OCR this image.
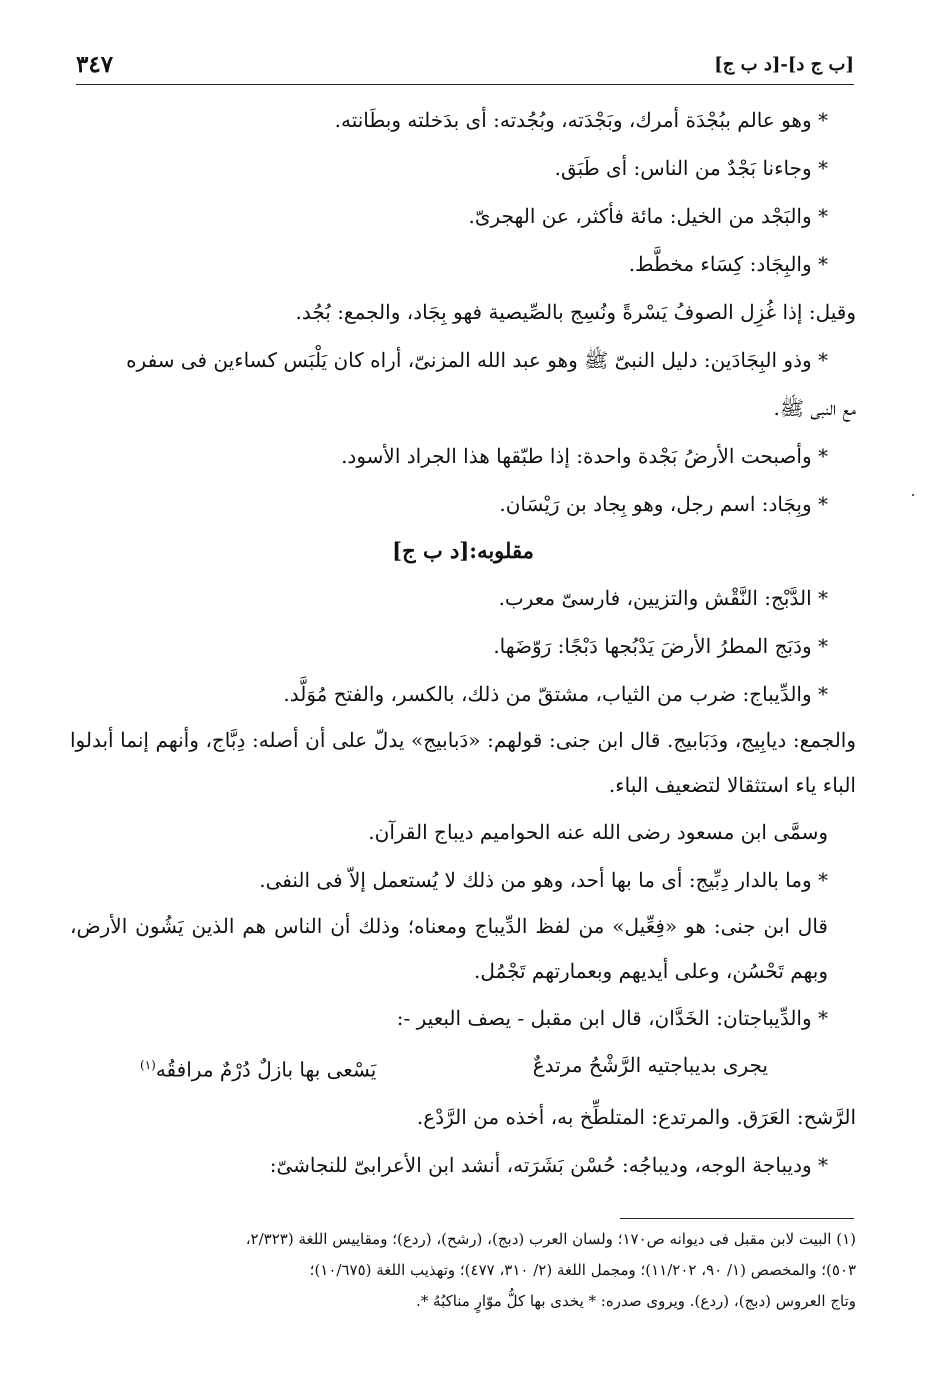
٣٤٧	[ب ج د]-[د ب ج]

* وهو عالم ببُجْدَة أمرك، وبَجْدَته، وبُجُدته: أى بدَخلته وبطَانته.

* وجاءنا بَجْدٌ من الناس: أى طَبَق.

* والبَجْد من الخيل: مائة فأكثر، عن الهجرىّ.

* والبِجَاد: كِسَاء مخطَّط.

وقيل: إذا غُزِل الصوفُ يَسْرةً ونُسِج بالصِّيصية فهو بِجَاد، والجمع: بُجُد.

* وذو البِجَادَين: دليل النبىّ ﷺ وهو عبد الله المزنىّ، أراه كان يَلْبَس كساءين فى سفره

مع النبى ﷺ.

* وأصبحت الأرضُ بَجْدة واحدة: إذا طبّقها هذا الجراد الأسود.

* وبِجَاد: اسم رجل، وهو بِجاد بن رَيْسَان.

مقلوبه:[د ب ج]

* الدَّبْج: النَّقْش والتزيين، فارسىّ معرب.

* ودَبَج المطرُ الأرضَ يَدْبُجها دَبْجًا: رَوّضَها.

* والدِّيباج: ضرب من الثياب، مشتقّ من ذلك، بالكسر، والفتح مُوَلَّد.

والجمع: ديابِيج، ودَبَابيج. قال ابن جنى: قولهم: «دَبابيج» يدلّ على أن أصله: دِبَّاج، وأنهم إنما أبدلوا الباء ياء استثقالا لتضعيف الباء.

وسمَّى ابن مسعود رضى الله عنه الحواميم ديباج القرآن.

* وما بالدار دِبِّيج: أى ما بها أحد، وهو من ذلك لا يُستعمل إلاّ فى النفى.

قال ابن جنى: هو «فِعِّيل» من لفظ الدِّيباج ومعناه؛ وذلك أن الناس هم الذين يَشُون الأرض، وبهم تَحْسُن، وعلى أيديهم وبعمارتهم تَجْمُل.

* والدِّيباجتان: الخَدَّان، قال ابن مقبل - يصف البعير -:

يجرى بديباجتيه الرَّشْحُ مرتدعٌ
يَسْعى بها بازلٌ دُرْمٌ مرافقُه$^{(١)}$

الرَّشح: العَرَق. والمرتدع: المتلطِّخ به، أخذه من الرَّدْع.

* وديباجة الوجه، وديباجُه: حُسْن بَشَرَته، أنشد ابن الأعرابىّ للنجاشىّ:

(١) البيت لابن مقبل فى ديوانه ص١٧٠؛ ولسان العرب (دبج)، (رشح)، (ردع)؛ ومقاييس اللغة (٢/٣٢٣،

٥٠٣)؛ والمخصص (١/ ٩٠، ١١/٢٠٢)؛ ومجمل اللغة (٢/ ٣١٠، ٤٧٧)؛ وتهذيب اللغة (١٠/٦٧٥)؛

وتاج العروس (دبج)، (ردع). ويروى صدره: * يخدى بها كلُّ موّارٍ مناكبُهُ *.
